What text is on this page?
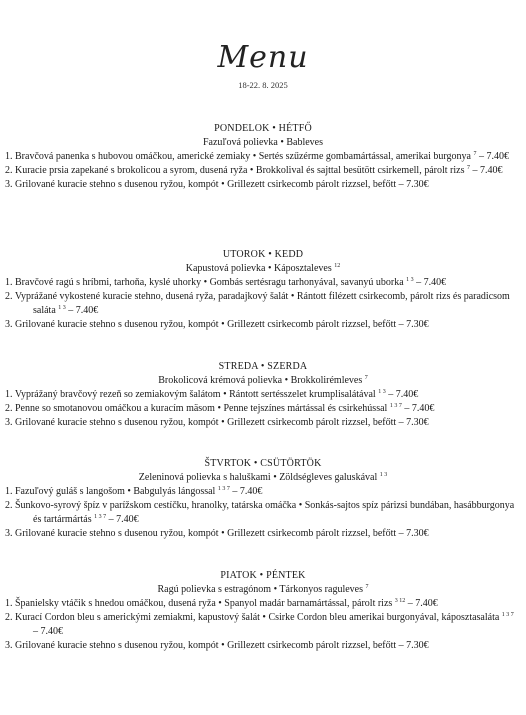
Menu
18-22. 8. 2025
PONDELOK • HÉTFŐ
Fazuľová polievka • Bableves
1. Bravčová panenka s hubovou omáčkou, americké zemiaky • Sertés szűzérme gombamártással, amerikai burgonya $^7$ – 7.40€
2. Kuracie prsia zapekané s brokolicou a syrom, dusená ryža • Brokkolival és sajttal besütött csirkemell, párolt rizs $^7$ – 7.40€
3. Grilované kuracie stehno s dusenou ryžou, kompót • Grillezett csirkecomb párolt rizzsel, befőtt – 7.30€
UTOROK • KEDD
Kapustová polievka • Káposztaleves $^{12}$
1. Bravčové ragú s hríbmi, tarhoňa, kyslé uhorky • Gombás sertésragu tarhonyával, savanyú uborka $^{1 3}$ – 7.40€
2. Vyprážané vykostené kuracie stehno, dusená ryža, paradajkový šalát • Rántott filézett csirkecomb, párolt rizs és paradicsom saláta $^{1 3}$ – 7.40€
3. Grilované kuracie stehno s dusenou ryžou, kompót • Grillezett csirkecomb párolt rizzsel, befőtt – 7.30€
STREDA • SZERDA
Brokolicová krémová polievka • Brokkolirémleves $^7$
1. Vyprážaný bravčový rezeň so zemiakovým šalátom • Rántott sertésszelet krumplisalátával $^{1 3}$ – 7.40€
2. Penne so smotanovou omáčkou a kuracím mäsom • Penne tejszínes mártással és csirkehússal $^{1 3 7}$ – 7.40€
3. Grilované kuracie stehno s dusenou ryžou, kompót • Grillezett csirkecomb párolt rizzsel, befőtt – 7.30€
ŠTVRTOK • CSÜTÖRTÖK
Zeleninová polievka s haluškami • Zöldségleves galuskával $^{1 3}$
1. Fazuľový guláš s langošom • Babgulyás lángossal $^{1 3 7}$ – 7.40€
2. Šunkovo-syrový špíz v parížskom cestíčku, hranolky, tatárska omáčka • Sonkás-sajtos spíz párizsi bundában, hasábburgonya és tartármártás $^{1 3 7}$ – 7.40€
3. Grilované kuracie stehno s dusenou ryžou, kompót • Grillezett csirkecomb párolt rizzsel, befőtt – 7.30€
PIATOK • PÉNTEK
Ragú polievka s estragónom • Tárkonyos raguleves $^7$
1. Španielsky vtáčik s hnedou omáčkou, dusená ryža • Spanyol madár barnamártással, párolt rizs $^{3 12}$ – 7.40€
2. Kurací Cordon bleu s americkými zemiakmi, kapustový šalát • Csirke Cordon bleu amerikai burgonyával, káposztasaláta $^{1 3 7}$ – 7.40€
3. Grilované kuracie stehno s dusenou ryžou, kompót • Grillezett csirkecomb párolt rizzsel, befőtt – 7.30€
